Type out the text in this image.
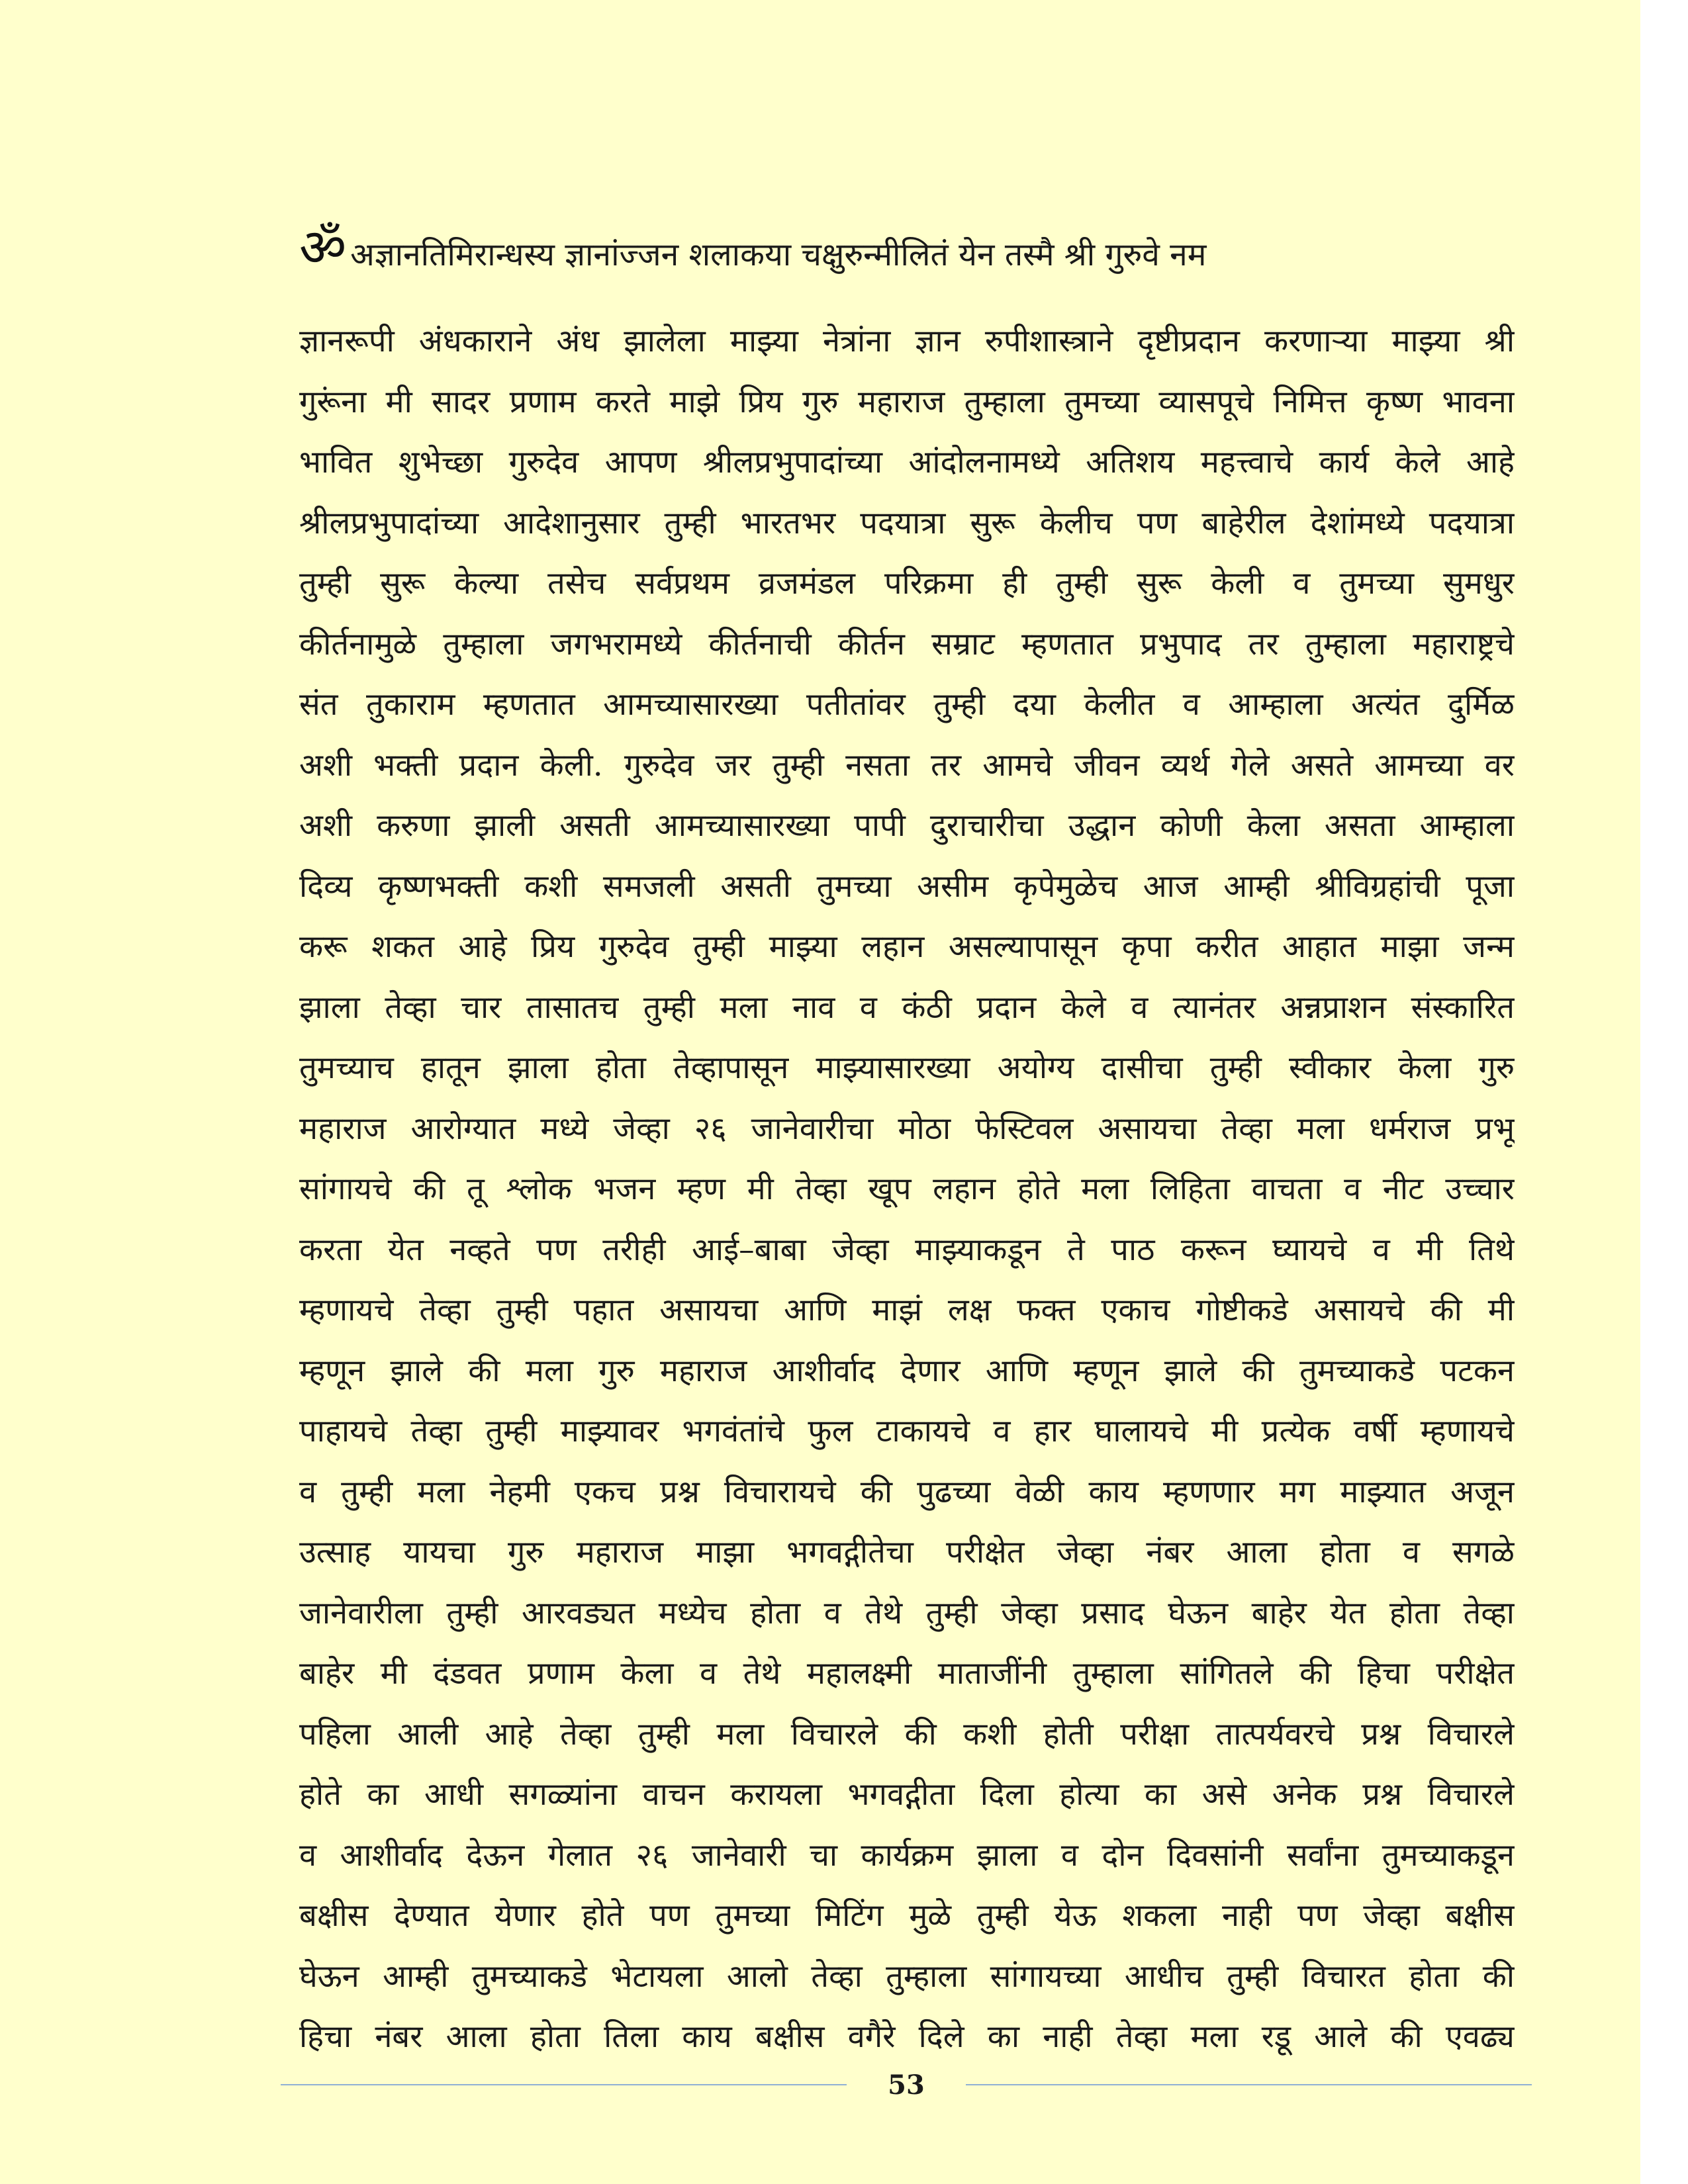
ॐ अज्ञानतिमिरान्धस्य ज्ञानांज्जन शलाकया चक्षुरुन्मीलितं येन तस्मै श्री गुरुवे नम
ज्ञानरूपी अंधकाराने अंध झालेला माझ्या नेत्रांना ज्ञान रुपीशास्त्राने दृष्टीप्रदान करणाऱ्या माझ्या श्री
गुरूंना मी सादर प्रणाम करते माझे प्रिय गुरु महाराज तुम्हाला तुमच्या व्यासपूचे निमित्त कृष्ण भावना
भावित शुभेच्छा गुरुदेव आपण श्रीलप्रभुपादांच्या आंदोलनामध्ये अतिशय महत्त्वाचे कार्य केले आहे
श्रीलप्रभुपादांच्या आदेशानुसार तुम्ही भारतभर पदयात्रा सुरू केलीच पण बाहेरील देशांमध्ये पदयात्रा
तुम्ही सुरू केल्या तसेच सर्वप्रथम व्रजमंडल परिक्रमा ही तुम्ही सुरू केली व तुमच्या सुमधुर
कीर्तनामुळे तुम्हाला जगभरामध्ये कीर्तनाची कीर्तन सम्राट म्हणतात प्रभुपाद तर तुम्हाला महाराष्ट्रचे
संत तुकाराम म्हणतात आमच्यासारख्या पतीतांवर तुम्ही दया केलीत व आम्हाला अत्यंत दुर्मिळ
अशी भक्ती प्रदान केली. गुरुदेव जर तुम्ही नसता तर आमचे जीवन व्यर्थ गेले असते आमच्या वर
अशी करुणा झाली असती आमच्यासारख्या पापी दुराचारीचा उद्धान कोणी केला असता आम्हाला
दिव्य कृष्णभक्ती कशी समजली असती तुमच्या असीम कृपेमुळेच आज आम्ही श्रीविग्रहांची पूजा
करू शकत आहे प्रिय गुरुदेव तुम्ही माझ्या लहान असल्यापासून कृपा करीत आहात माझा जन्म
झाला तेव्हा चार तासातच तुम्ही मला नाव व कंठी प्रदान केले व त्यानंतर अन्नप्राशन संस्कारित
तुमच्याच हातून झाला होता तेव्हापासून माझ्यासारख्या अयोग्य दासीचा तुम्ही स्वीकार केला गुरु
महाराज आरोग्यात मध्ये जेव्हा २६ जानेवारीचा मोठा फेस्टिवल असायचा तेव्हा मला धर्मराज प्रभू
सांगायचे की तू श्लोक भजन म्हण मी तेव्हा खूप लहान होते मला लिहिता वाचता व नीट उच्चार
करता येत नव्हते पण तरीही आई–बाबा जेव्हा माझ्याकडून ते पाठ करून घ्यायचे व मी तिथे
म्हणायचे तेव्हा तुम्ही पहात असायचा आणि माझं लक्ष फक्त एकाच गोष्टीकडे असायचे की मी
म्हणून झाले की मला गुरु महाराज आशीर्वाद देणार आणि म्हणून झाले की तुमच्याकडे पटकन
पाहायचे तेव्हा तुम्ही माझ्यावर भगवंतांचे फुल टाकायचे व हार घालायचे मी प्रत्येक वर्षी म्हणायचे
व तुम्ही मला नेहमी एकच प्रश्न विचारायचे की पुढच्या वेळी काय म्हणणार मग माझ्यात अजून
उत्साह यायचा गुरु महाराज माझा भगवद्गीतेचा परीक्षेत जेव्हा नंबर आला होता व सगळे
जानेवारीला तुम्ही आरवड्यत मध्येच होता व तेथे तुम्ही जेव्हा प्रसाद घेऊन बाहेर येत होता तेव्हा
बाहेर मी दंडवत प्रणाम केला व तेथे महालक्ष्मी माताजींनी तुम्हाला सांगितले की हिचा परीक्षेत
पहिला आली आहे तेव्हा तुम्ही मला विचारले की कशी होती परीक्षा तात्पर्यवरचे प्रश्न विचारले
होते का आधी सगळ्यांना वाचन करायला भगवद्गीता दिला होत्या का असे अनेक प्रश्न विचारले
व आशीर्वाद देऊन गेलात २६ जानेवारी चा कार्यक्रम झाला व दोन दिवसांनी सर्वांना तुमच्याकडून
बक्षीस देण्यात येणार होते पण तुमच्या मिटिंग मुळे तुम्ही येऊ शकला नाही पण जेव्हा बक्षीस
घेऊन आम्ही तुमच्याकडे भेटायला आलो तेव्हा तुम्हाला सांगायच्या आधीच तुम्ही विचारत होता की
हिचा नंबर आला होता तिला काय बक्षीस वगैरे दिले का नाही तेव्हा मला रडू आले की एवढ्य
53
